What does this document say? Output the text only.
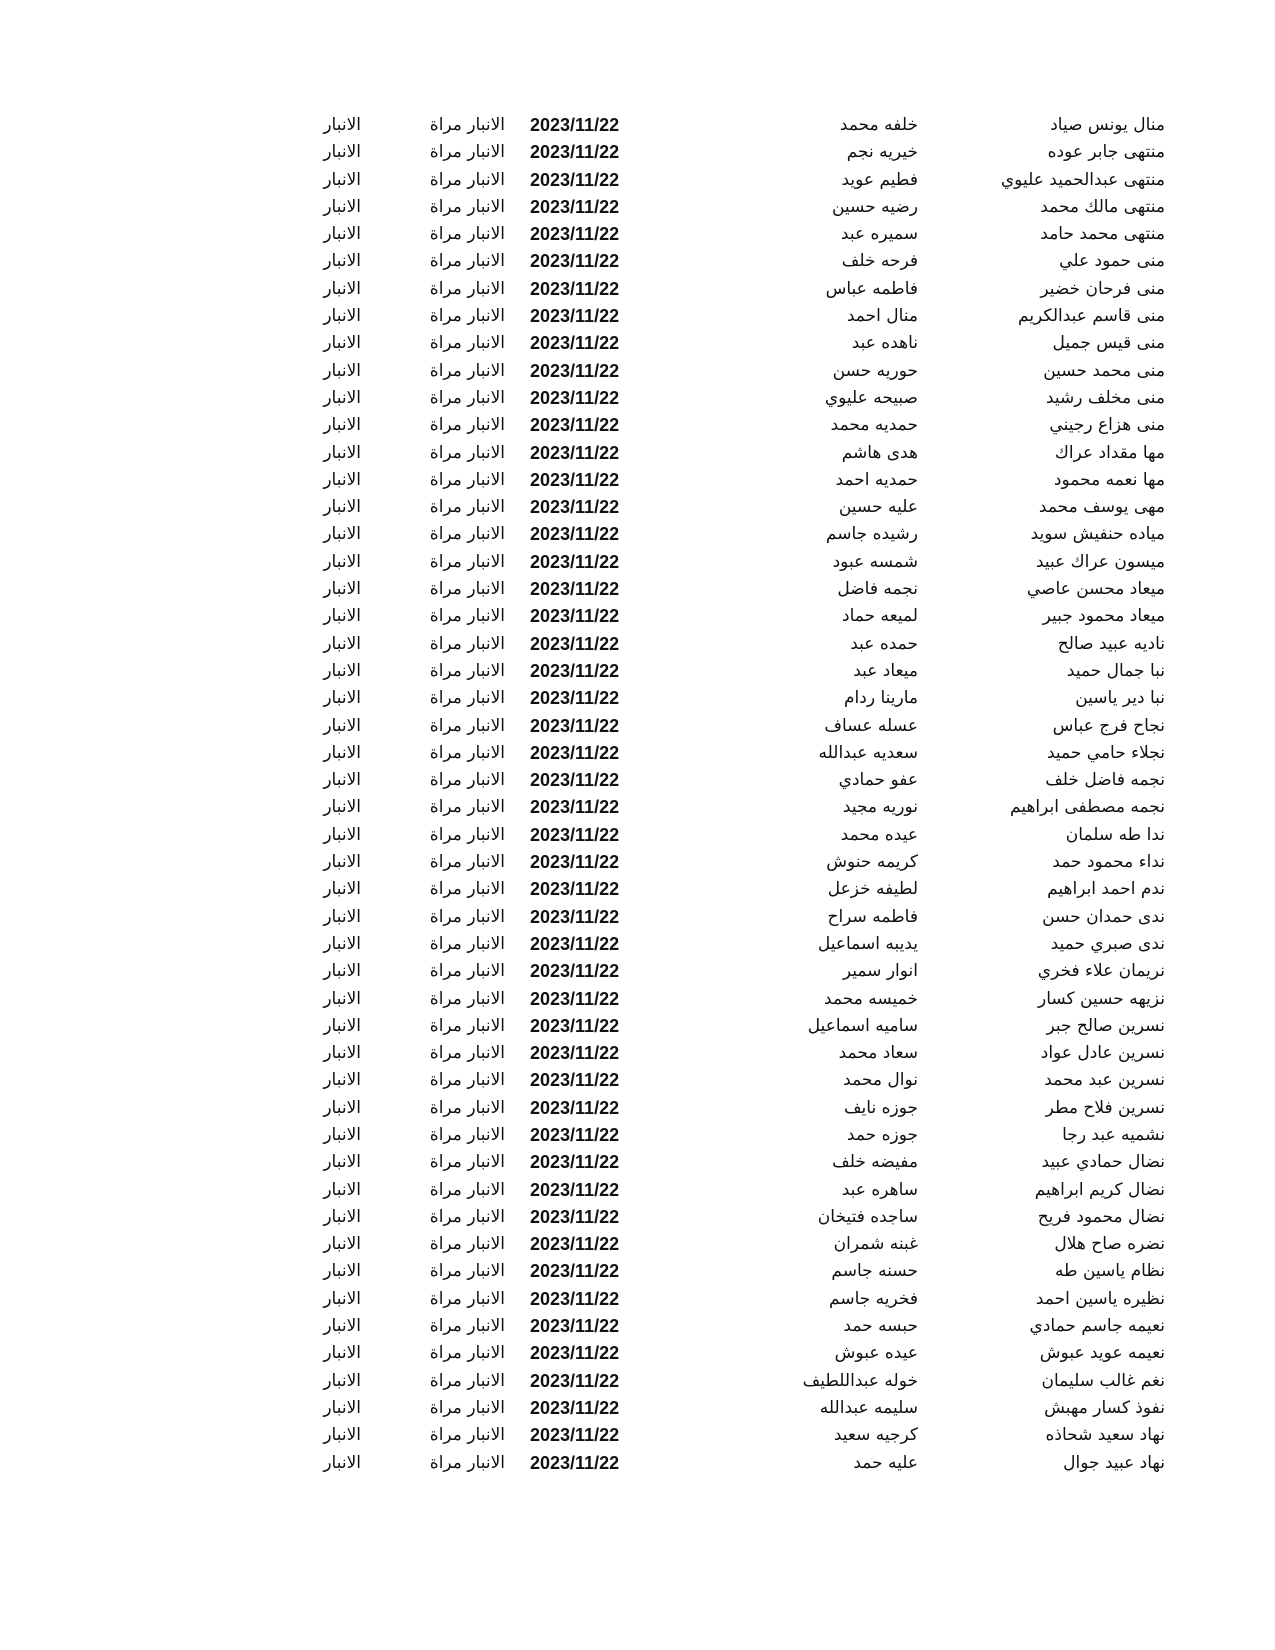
منال يونس صياد
خلفه محمد
2023/11/22
الانبار مراة
الانبار
منتهى جابر عوده
خيريه نجم
2023/11/22
الانبار مراة
الانبار
منتهى عبدالحميد عليوي
فطيم عويد
2023/11/22
الانبار مراة
الانبار
منتهى مالك محمد
رضيه حسين
2023/11/22
الانبار مراة
الانبار
منتهى محمد حامد
سميره عبد
2023/11/22
الانبار مراة
الانبار
منى حمود علي
فرحه خلف
2023/11/22
الانبار مراة
الانبار
منى فرحان خضير
فاطمه عباس
2023/11/22
الانبار مراة
الانبار
منى قاسم عبدالكريم
منال احمد
2023/11/22
الانبار مراة
الانبار
منى قيس جميل
ناهده عبد
2023/11/22
الانبار مراة
الانبار
منى محمد حسين
حوريه حسن
2023/11/22
الانبار مراة
الانبار
منى مخلف رشيد
صبيحه عليوي
2023/11/22
الانبار مراة
الانبار
منى هزاع رجيني
حمديه محمد
2023/11/22
الانبار مراة
الانبار
مها مقداد عراك
هدى هاشم
2023/11/22
الانبار مراة
الانبار
مها نعمه محمود
حمديه احمد
2023/11/22
الانبار مراة
الانبار
مهى يوسف محمد
عليه حسين
2023/11/22
الانبار مراة
الانبار
مياده حنفيش سويد
رشيده جاسم
2023/11/22
الانبار مراة
الانبار
ميسون عراك عبيد
شمسه عبود
2023/11/22
الانبار مراة
الانبار
ميعاد محسن عاصي
نجمه فاضل
2023/11/22
الانبار مراة
الانبار
ميعاد محمود جبير
لميعه حماد
2023/11/22
الانبار مراة
الانبار
ناديه عبيد صالح
حمده عبد
2023/11/22
الانبار مراة
الانبار
نبا جمال حميد
ميعاد عبد
2023/11/22
الانبار مراة
الانبار
نبا دير ياسين
مارينا ردام
2023/11/22
الانبار مراة
الانبار
نجاح فرج عباس
عسله عساف
2023/11/22
الانبار مراة
الانبار
نجلاء حامي حميد
سعديه عبدالله
2023/11/22
الانبار مراة
الانبار
نجمه فاضل خلف
عفو حمادي
2023/11/22
الانبار مراة
الانبار
نجمه مصطفى ابراهيم
نوريه مجيد
2023/11/22
الانبار مراة
الانبار
ندا طه سلمان
عيده محمد
2023/11/22
الانبار مراة
الانبار
نداء محمود حمد
كريمه حنوش
2023/11/22
الانبار مراة
الانبار
ندم احمد ابراهيم
لطيفه خزعل
2023/11/22
الانبار مراة
الانبار
ندى حمدان حسن
فاطمه سراح
2023/11/22
الانبار مراة
الانبار
ندى صبري حميد
يديبه اسماعيل
2023/11/22
الانبار مراة
الانبار
نريمان علاء فخري
انوار سمير
2023/11/22
الانبار مراة
الانبار
نزيهه حسين كسار
خميسه محمد
2023/11/22
الانبار مراة
الانبار
نسرين صالح جبر
ساميه اسماعيل
2023/11/22
الانبار مراة
الانبار
نسرين عادل عواد
سعاد محمد
2023/11/22
الانبار مراة
الانبار
نسرين عبد محمد
نوال محمد
2023/11/22
الانبار مراة
الانبار
نسرين فلاح مطر
جوزه نايف
2023/11/22
الانبار مراة
الانبار
نشميه عبد رجا
جوزه حمد
2023/11/22
الانبار مراة
الانبار
نضال حمادي عبيد
مفيضه خلف
2023/11/22
الانبار مراة
الانبار
نضال كريم ابراهيم
ساهره عبد
2023/11/22
الانبار مراة
الانبار
نضال محمود فريح
ساجده فتيخان
2023/11/22
الانبار مراة
الانبار
نضره صاح هلال
غبنه شمران
2023/11/22
الانبار مراة
الانبار
نظام ياسين طه
حسنه جاسم
2023/11/22
الانبار مراة
الانبار
نظيره ياسين احمد
فخريه جاسم
2023/11/22
الانبار مراة
الانبار
نعيمه جاسم حمادي
حبسه حمد
2023/11/22
الانبار مراة
الانبار
نعيمه عويد عبوش
عيده عبوش
2023/11/22
الانبار مراة
الانبار
نغم غالب سليمان
خوله عبداللطيف
2023/11/22
الانبار مراة
الانبار
نفوذ كسار مهبش
سليمه عبدالله
2023/11/22
الانبار مراة
الانبار
نهاد سعيد شحاذه
كرجيه سعيد
2023/11/22
الانبار مراة
الانبار
نهاد عبيد جوال
عليه حمد
2023/11/22
الانبار مراة
الانبار
